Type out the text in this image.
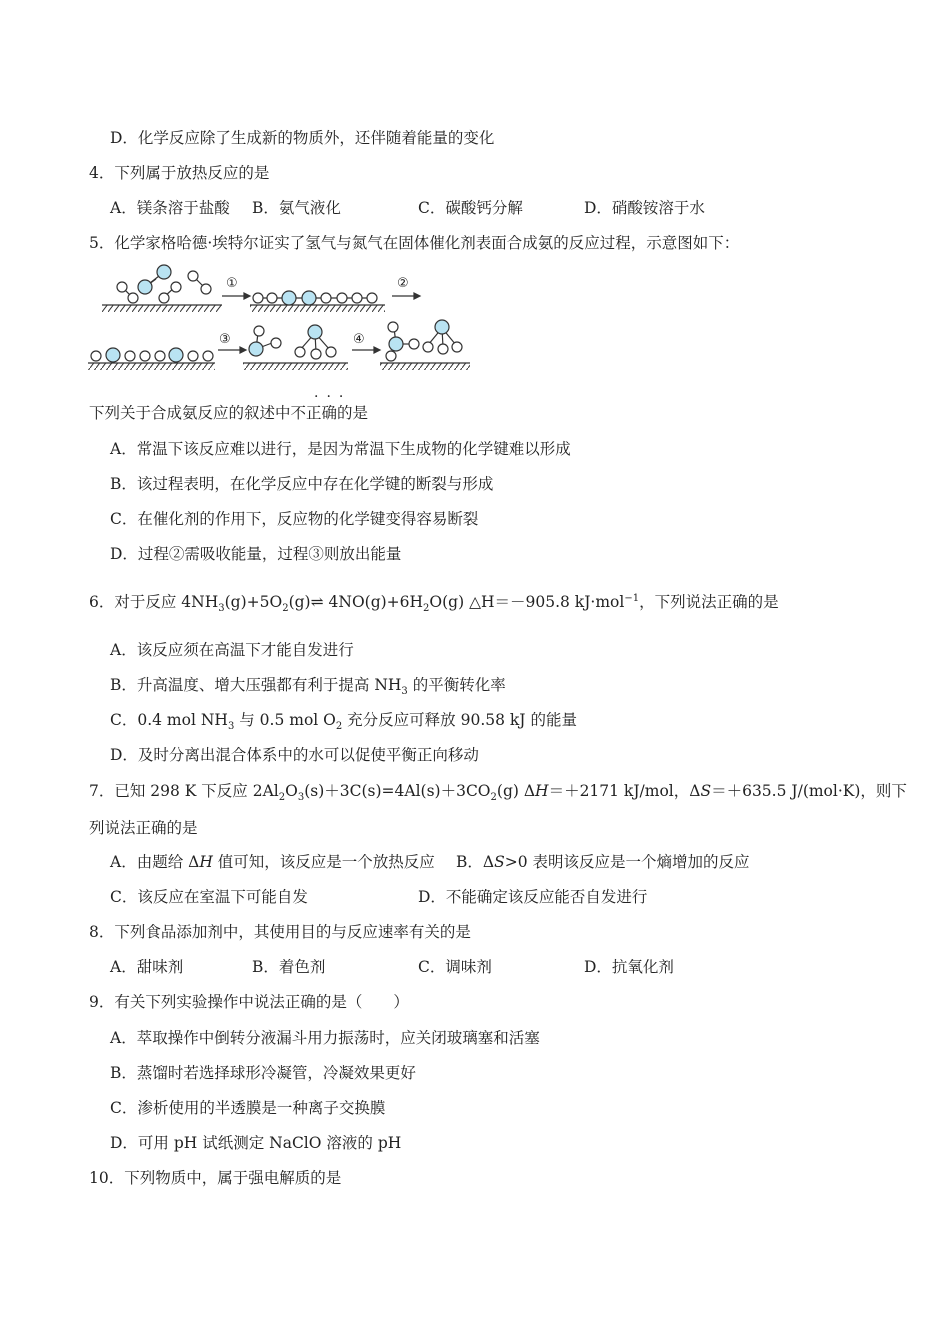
D．化学反应除了生成新的物质外，还伴随着能量的变化
4．下列属于放热反应的是
A．镁条溶于盐酸 B．氨气液化	C．碳酸钙分解	D．硝酸铵溶于水
5．化学家格哈德·埃特尔证实了氢气与氮气在固体催化剂表面合成氨的反应过程，示意图如下：
①	②
③	④
···
下列关于合成氨反应的叙述中不正确的是
A．常温下该反应难以进行，是因为常温下生成物的化学键难以形成
B．该过程表明，在化学反应中存在化学键的断裂与形成
C．在催化剂的作用下，反应物的化学键变得容易断裂
D．过程②需吸收能量，过程③则放出能量
6．对于反应 $4NH_3(g)+5O_2(g)\rightleftharpoons$ $4NO(g)+6H_2O(g)$ △H＝－905.8 kJ·mol$^{-1}$，下列说法正确的是
A．该反应须在高温下才能自发进行
B．升高温度、增大压强都有利于提高 $NH_3$ 的平衡转化率
C．0.4 mol $NH_3$ 与 0.5 mol $O_2$ 充分反应可释放 90.58 kJ 的能量
D．及时分离出混合体系中的水可以促使平衡正向移动
7．已知 298 K 下反应 $2Al_2O_3(s)+3C(s)=4Al(s)+3CO_2(g)$ ΔH＝＋2171 kJ/mol，ΔS＝＋635.5 J/(mol·K)，则下
列说法正确的是
A．由题给 ΔH 值可知，该反应是一个放热反应 B．ΔS>0 表明该反应是一个熵增加的反应
C．该反应在室温下可能自发	D．不能确定该反应能否自发进行
8．下列食品添加剂中，其使用目的与反应速率有关的是
A．甜味剂	B．着色剂	C．调味剂	D．抗氧化剂
9．有关下列实验操作中说法正确的是（　　）
A．萃取操作中倒转分液漏斗用力振荡时，应关闭玻璃塞和活塞
B．蒸馏时若选择球形冷凝管，冷凝效果更好
C．渗析使用的半透膜是一种离子交换膜
D．可用 pH 试纸测定 NaClO 溶液的 pH
10．下列物质中，属于强电解质的是
